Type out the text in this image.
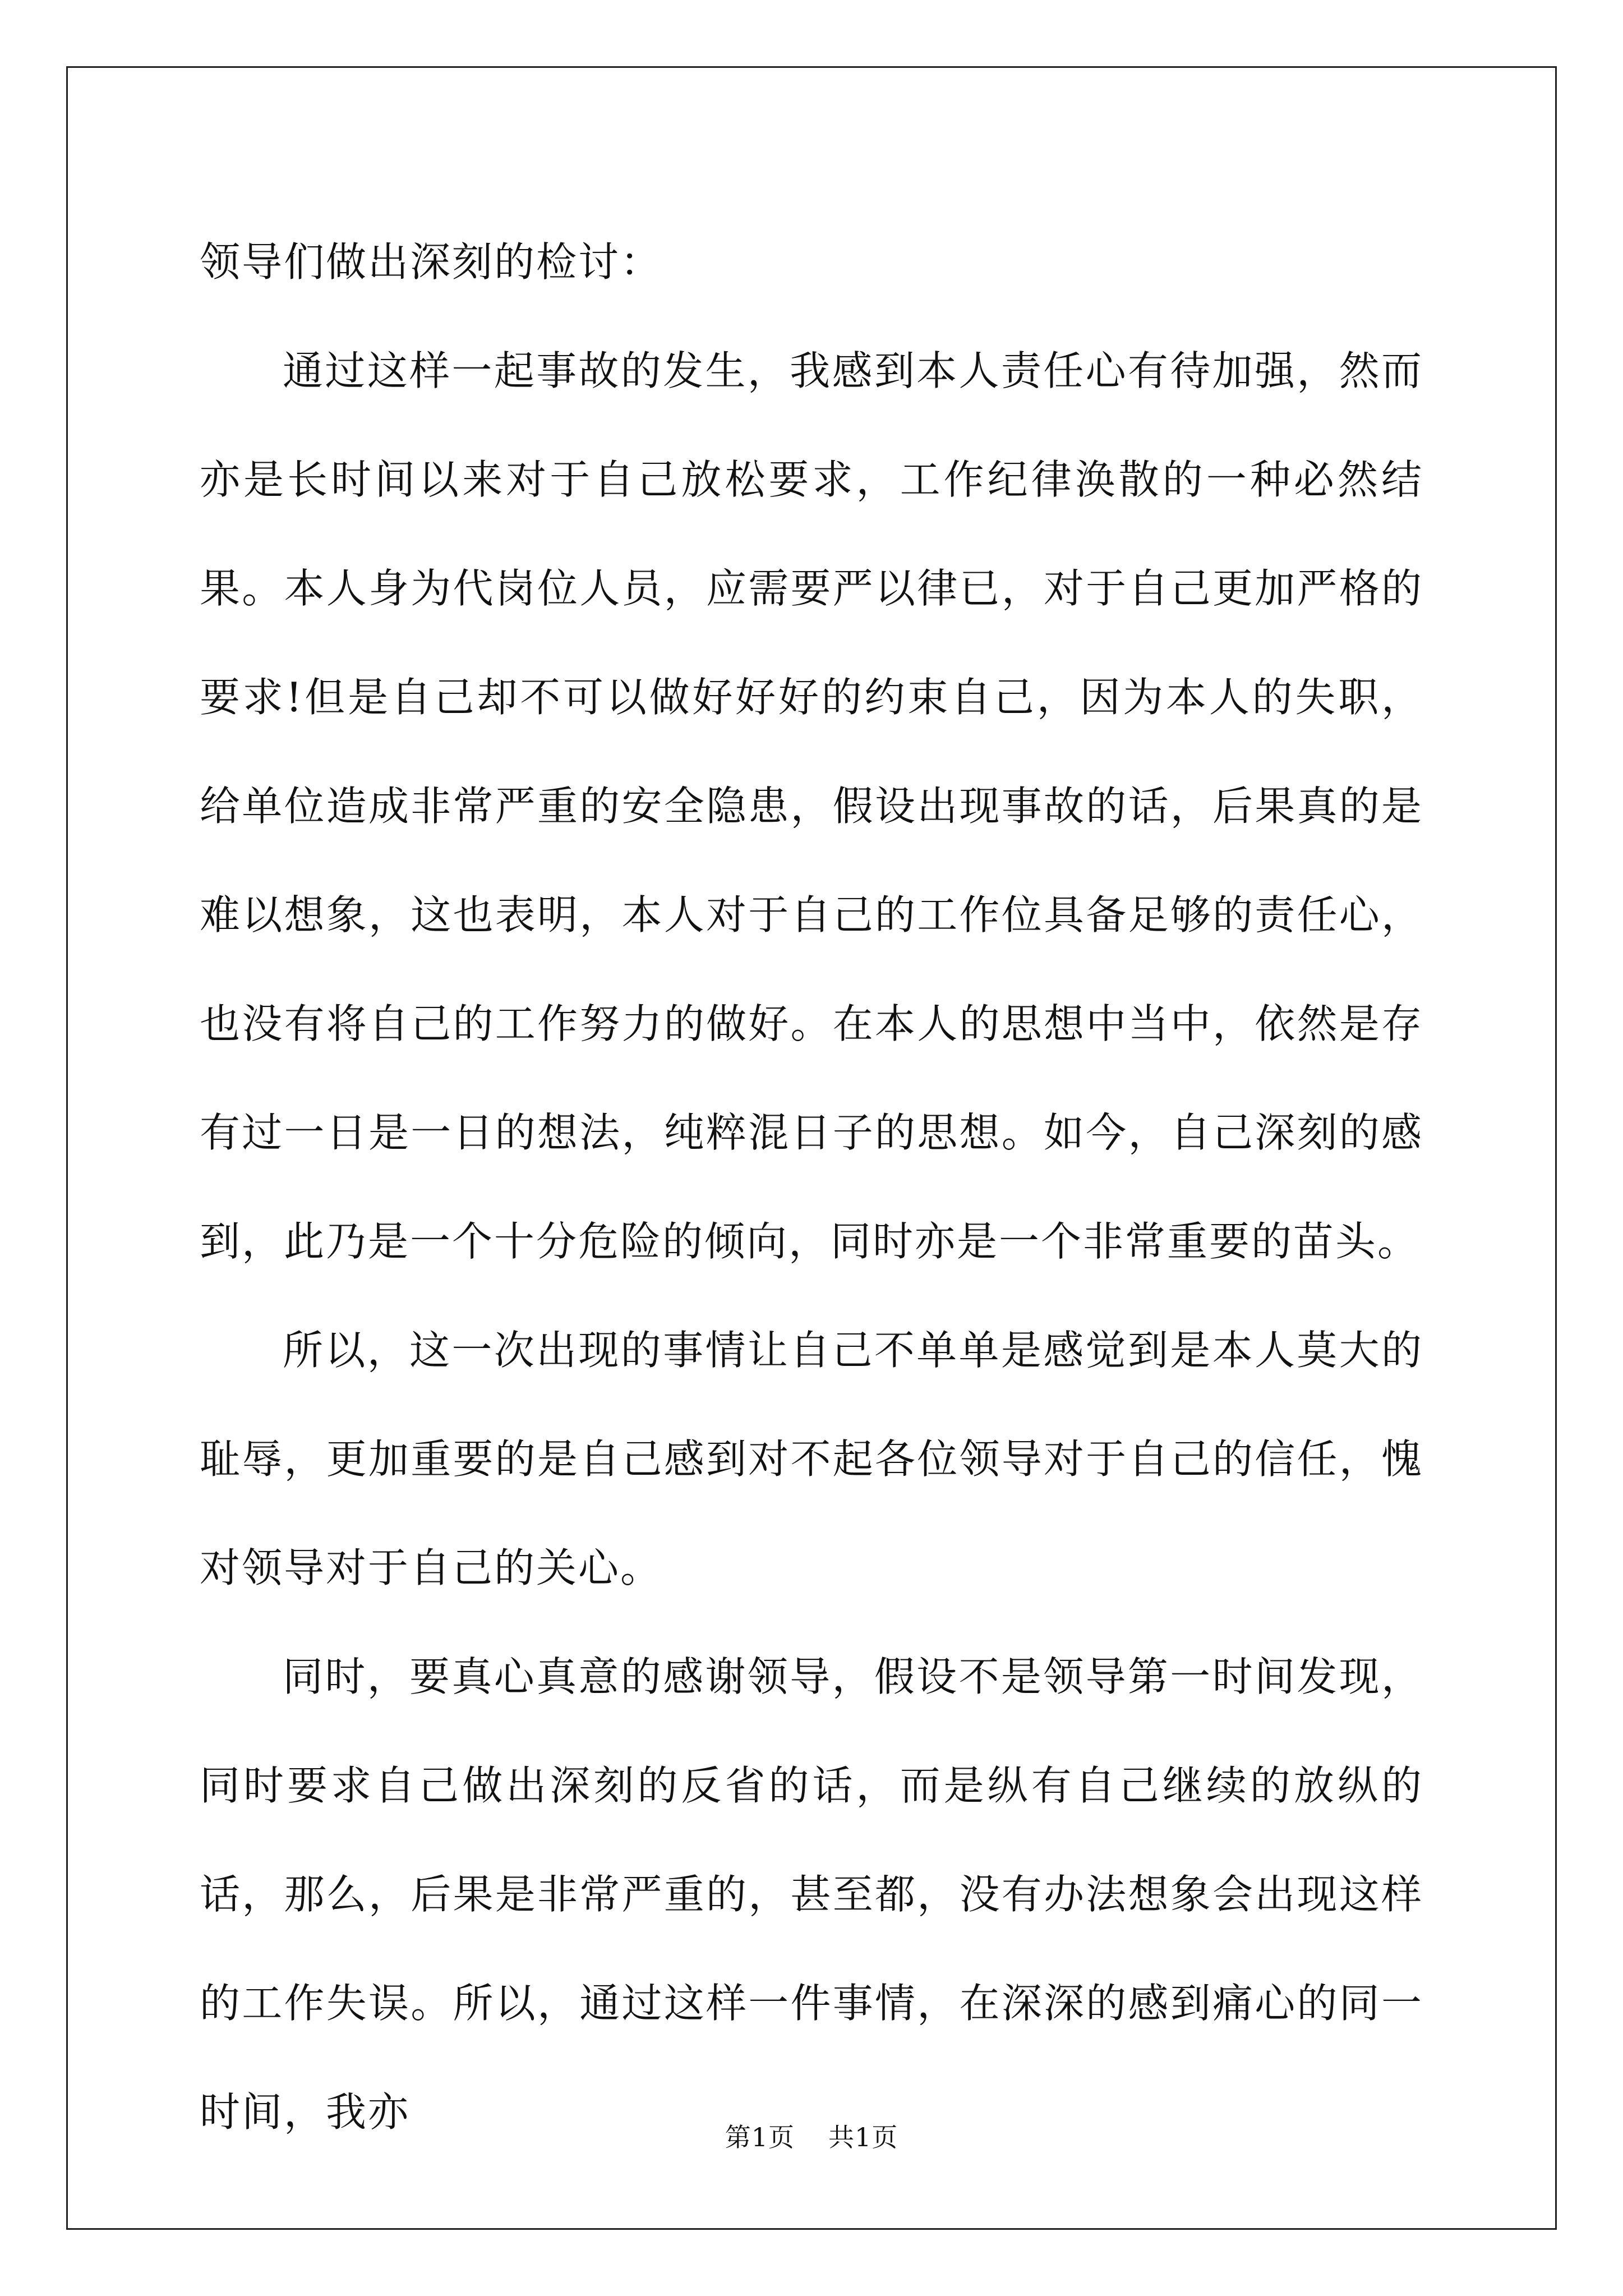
领导们做出深刻的检讨：

通过这样一起事故的发生，我感到本人责任心有待加强，然而亦是长时间以来对于自己放松要求，工作纪律涣散的一种必然结果。本人身为代岗位人员，应需要严以律已，对于自己更加严格的要求!但是自己却不可以做好好好的约束自己，因为本人的失职，给单位造成非常严重的安全隐患，假设出现事故的话，后果真的是难以想象，这也表明，本人对于自己的工作位具备足够的责任心，也没有将自己的工作努力的做好。在本人的思想中当中，依然是存有过一日是一日的想法，纯粹混日子的思想。如今，自己深刻的感到，此乃是一个十分危险的倾向，同时亦是一个非常重要的苗头。

所以，这一次出现的事情让自己不单单是感觉到是本人莫大的耻辱，更加重要的是自己感到对不起各位领导对于自己的信任，愧对领导对于自己的关心。

同时，要真心真意的感谢领导，假设不是领导第一时间发现，同时要求自己做出深刻的反省的话，而是纵有自己继续的放纵的话，那么，后果是非常严重的，甚至都，没有办法想象会出现这样的工作失误。所以，通过这样一件事情，在深深的感到痛心的同一时间，我亦

第1页 共1页
